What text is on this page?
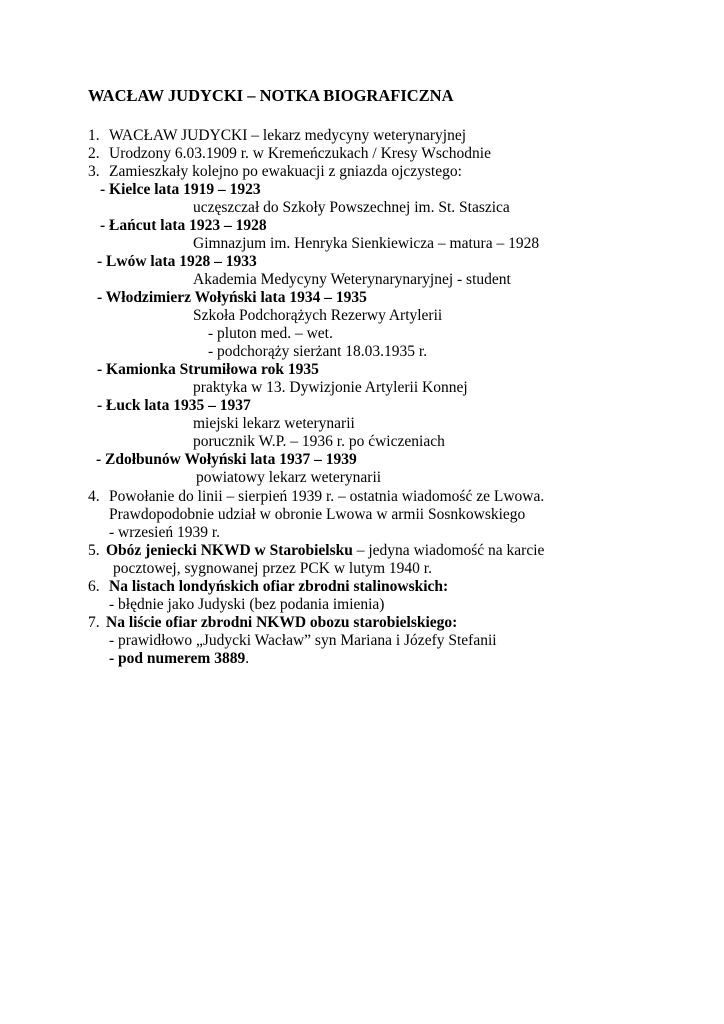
WACŁAW JUDYCKI – NOTKA BIOGRAFICZNA
1. WACŁAW JUDYCKI – lekarz medycyny weterynaryjnej
2. Urodzony 6.03.1909 r. w Kremeńczukach / Kresy Wschodnie
3. Zamieszkały kolejno po ewakuacji z gniazda ojczystego:
- Kielce lata 1919 – 1923
uczęszczał do Szkoły Powszechnej im. St. Staszica
- Łańcut lata 1923 – 1928
Gimnazjum im. Henryka Sienkiewicza – matura – 1928
- Lwów lata 1928 – 1933
Akademia Medycyny Weterynarynaryjnej - student
- Włodzimierz Wołyński lata 1934 – 1935
Szkoła Podchorążych Rezerwy Artylerii
- pluton med. – wet.
- podchorąży sierżant 18.03.1935 r.
- Kamionka Strumiłowa rok 1935
praktyka w 13. Dywizjonie Artylerii Konnej
- Łuck lata 1935 – 1937
miejski lekarz weterynarii
porucznik W.P. – 1936 r. po ćwiczeniach
- Zdołbunów Wołyński lata 1937 – 1939
powiatowy lekarz weterynarii
4. Powołanie do linii – sierpień 1939 r. – ostatnia wiadomość ze Lwowa.
Prawdopodobnie udział w obronie Lwowa w armii Sosnkowskiego
- wrzesień 1939 r.
5. Obóz jeniecki NKWD w Starobielsku – jedyna wiadomość na karcie
pocztowej, sygnowanej przez PCK w lutym 1940 r.
6. Na listach londyńskich ofiar zbrodni stalinowskich:
- błędnie jako Judyski (bez podania imienia)
7. Na liście ofiar zbrodni NKWD obozu starobielskiego:
- prawidłowo „Judycki Wacław” syn Mariana i Józefy Stefanii
- pod numerem 3889.
